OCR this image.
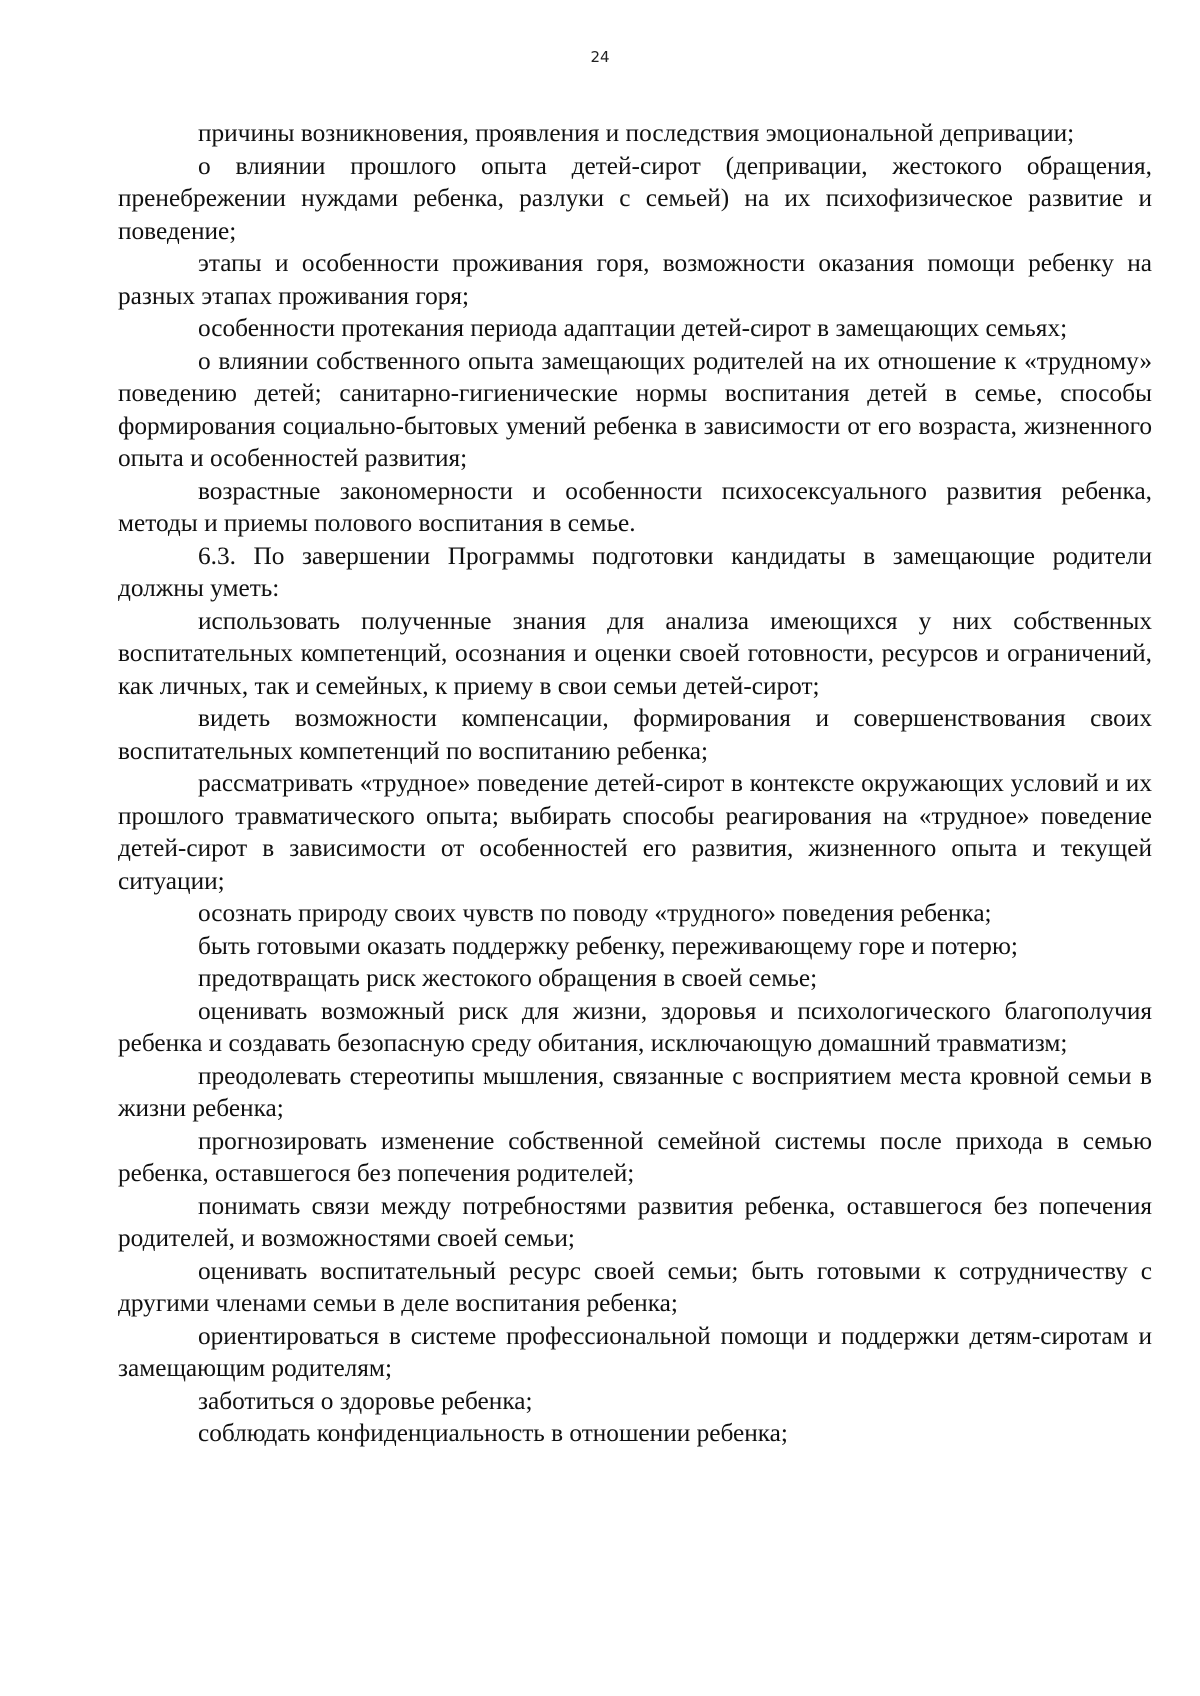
24

причины возникновения, проявления и последствия эмоциональной депривации;

о влиянии прошлого опыта детей-сирот (депривации, жестокого обращения, пренебрежении нуждами ребенка, разлуки с семьей) на их психофизическое развитие и поведение;

этапы и особенности проживания горя, возможности оказания помощи ребенку на разных этапах проживания горя;

особенности протекания периода адаптации детей-сирот в замещающих семьях;

о влиянии собственного опыта замещающих родителей на их отношение к «трудному» поведению детей; санитарно-гигиенические нормы воспитания детей в семье, способы формирования социально-бытовых умений ребенка в зависимости от его возраста, жизненного опыта и особенностей развития;

возрастные закономерности и особенности психосексуального развития ребенка, методы и приемы полового воспитания в семье.

6.3. По завершении Программы подготовки кандидаты в замещающие родители должны уметь:

использовать полученные знания для анализа имеющихся у них собственных воспитательных компетенций, осознания и оценки своей готовности, ресурсов и ограничений, как личных, так и семейных, к приему в свои семьи детей-сирот;

видеть возможности компенсации, формирования и совершенствования своих воспитательных компетенций по воспитанию ребенка;

рассматривать «трудное» поведение детей-сирот в контексте окружающих условий и их прошлого травматического опыта; выбирать способы реагирования на «трудное» поведение детей-сирот в зависимости от особенностей его развития, жизненного опыта и текущей ситуации;

осознать природу своих чувств по поводу «трудного» поведения ребенка;

быть готовыми оказать поддержку ребенку, переживающему горе и потерю;

предотвращать риск жестокого обращения в своей семье;

оценивать возможный риск для жизни, здоровья и психологического благополучия ребенка и создавать безопасную среду обитания, исключающую домашний травматизм;

преодолевать стереотипы мышления, связанные с восприятием места кровной семьи в жизни ребенка;

прогнозировать изменение собственной семейной системы после прихода в семью ребенка, оставшегося без попечения родителей;

понимать связи между потребностями развития ребенка, оставшегося без попечения родителей, и возможностями своей семьи;

оценивать воспитательный ресурс своей семьи; быть готовыми к сотрудничеству с другими членами семьи в деле воспитания ребенка;

ориентироваться в системе профессиональной помощи и поддержки детям-сиротам и замещающим родителям;

заботиться о здоровье ребенка;

соблюдать конфиденциальность в отношении ребенка;
